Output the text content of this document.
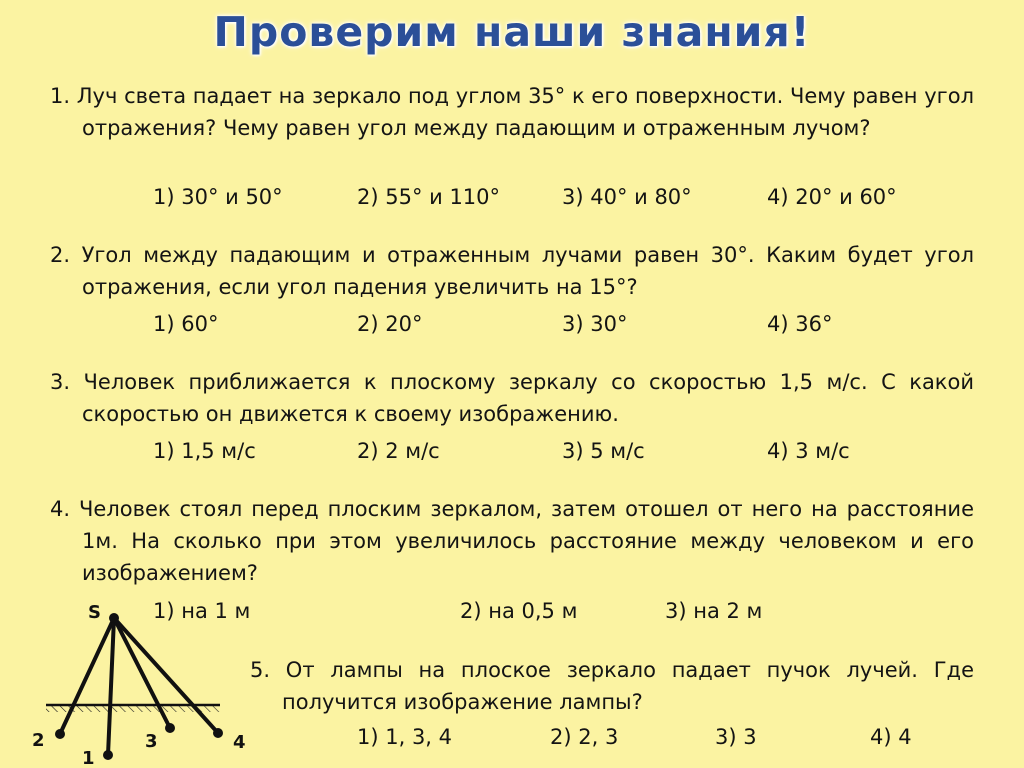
Проверим наши знания!
1. Луч света падает на зеркало под углом 35° к его поверхности. Чему равен угол отражения? Чему равен угол между падающим и отраженным лучом?
1) 30° и 50°	2) 55° и 110°	3) 40° и 80°	4) 20° и 60°
2. Угол между падающим и отраженным лучами равен 30°. Каким будет угол отражения, если угол падения увеличить на 15°?
1) 60°	2) 20°	3) 30°	4) 36°
3. Человек приближается к плоскому зеркалу со скоростью 1,5 м/с. С какой скоростью он движется к своему изображению.
1) 1,5 м/с	2) 2 м/с	3) 5 м/с	4) 3 м/с
4. Человек стоял перед плоским зеркалом, затем отошел от него на расстояние 1м. На сколько при этом увеличилось расстояние между человеком и его изображением?
1) на 1 м	2) на 0,5 м	3) на 2 м
5. От лампы на плоское зеркало падает пучок лучей. Где получится изображение лампы?
1) 1, 3, 4	2) 2, 3	3) 3	4) 4
S
2
1
3	4
